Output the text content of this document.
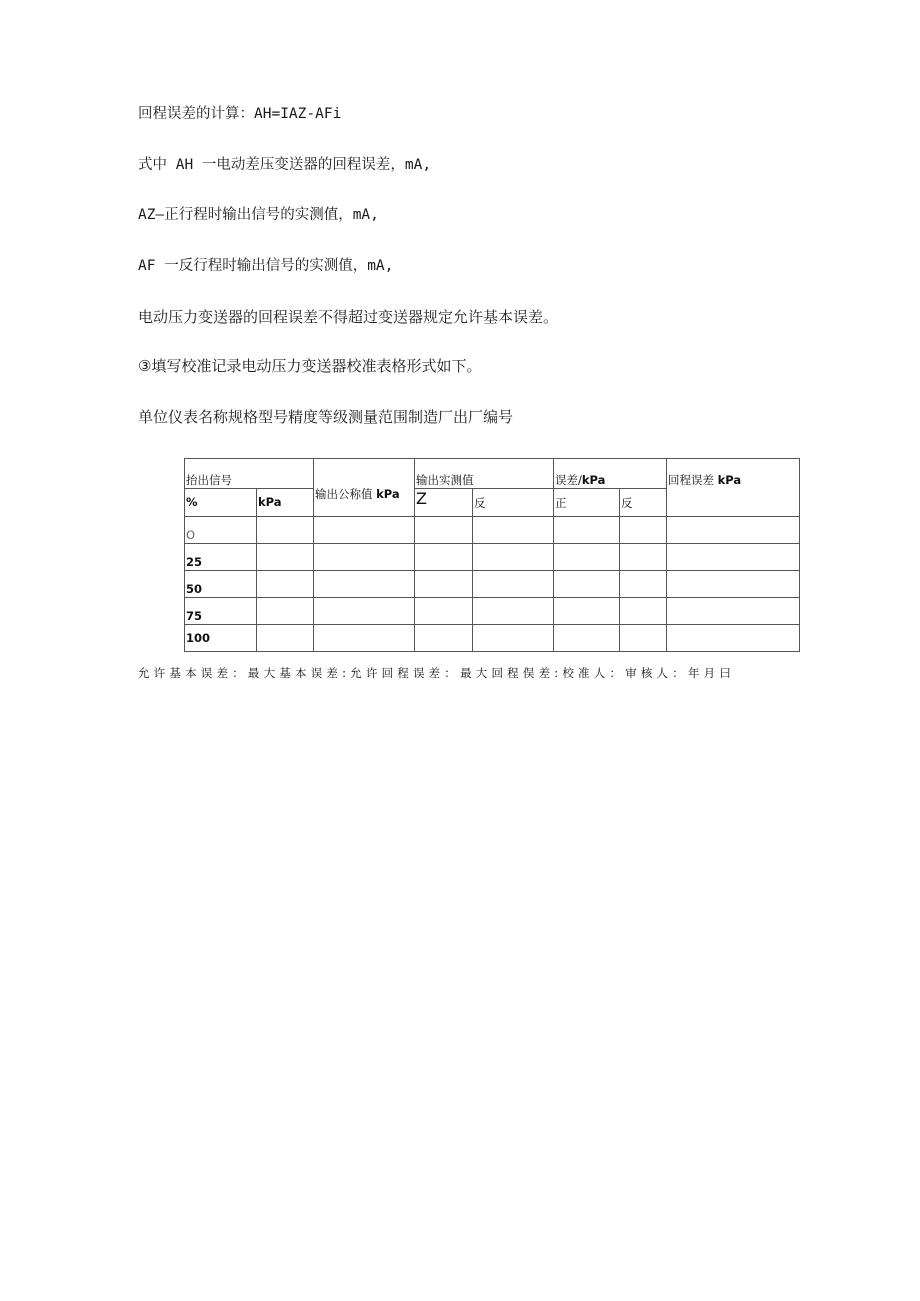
回程误差的计算：AH=IAZ-AFi
式中 AH 一电动差压变送器的回程误差，mA,
AZ—正行程时输出信号的实测值，mA,
AF 一反行程时输出信号的实测值，mA,
电动压力变送器的回程误差不得超过变送器规定允许基本误差。
③填写校准记录电动压力变送器校准表格形式如下。
单位仪表名称规格型号精度等级测量范围制造厂出厂编号
抬出信号		输出公称值 kPa	输出实测值		误差/kPa		回程误差 kPa
%	kPa		Z	反	正	反	
O							
25							
50							
75							
100							
允许基本误差：最大基本误差:允许回程误差：最大回程俣差:校准人：审核人：年月曰
